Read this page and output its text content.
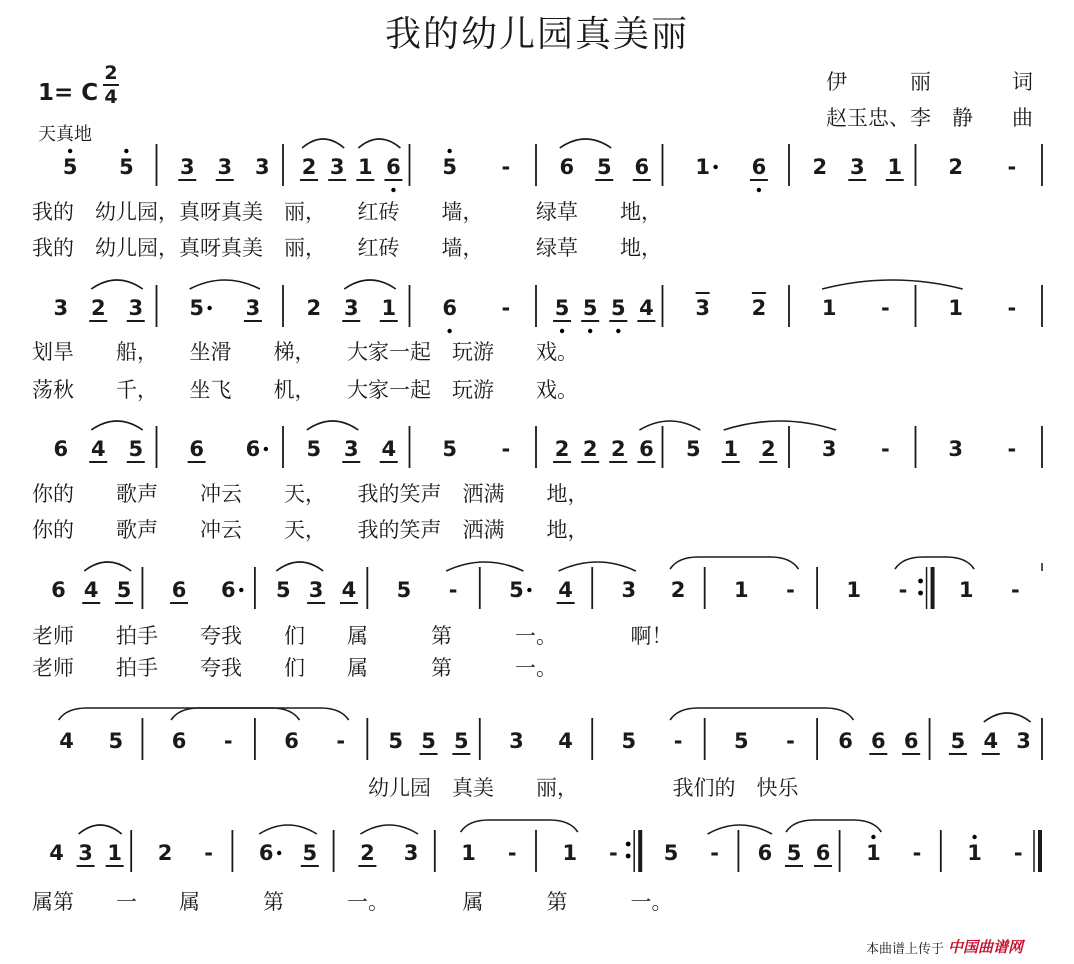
我的幼儿园真美丽
1= C
2
4
天真地
伊　　　丽	词
赵玉忠、李　静 曲
5 5 3 3 3 2 3 1 6 5 - 6 5 6 1 6 2 3 1 2 -
3 2 3 5 3 2 3 1 6 - 5 5 5 4 3 2	1 -	1 -
6 4 5 6 6 5 3 4 5 - 2 2 2 6 5 1 2 3 -	3 -
6 4 5 6 6 5 3 4 5 - 5 4 3 2 1 - 1 - 1 -
4 5 6 - 6 - 5 5 5 3 4 5 - 5 - 6 6 6 5 4 3
4 3 1 2 - 6 5 2 3 1 - 1 - 5 - 6 5 6 1 - 1 -
我的　幼儿园，真呀真美　丽，　　红砖　　墙，　　　绿草　　地，
我的　幼儿园，真呀真美　丽，　　红砖　　墙，　　　绿草　　地，
划旱　　船，　　坐滑　　梯，　　大家一起　玩游　　戏。
荡秋　　千，　　坐飞　　机，　　大家一起　玩游　　戏。
你的　　歌声　　冲云　　天，　　我的笑声　洒满　　地，
你的　　歌声　　冲云　　天，　　我的笑声　洒满　　地，
老师　　拍手　　夸我　　们　　属　　　第　　　一。　　　　啊！
老师　　拍手　　夸我　　们　　属　　　第　　　一。
　　　　　　　　　　　　　　　　幼儿园　真美　　丽，　　　　　我们的　快乐
属第　　一　　属　　　第　　　一。　　　　属　　　第　　　一。
本曲谱上传于 中国曲谱网
